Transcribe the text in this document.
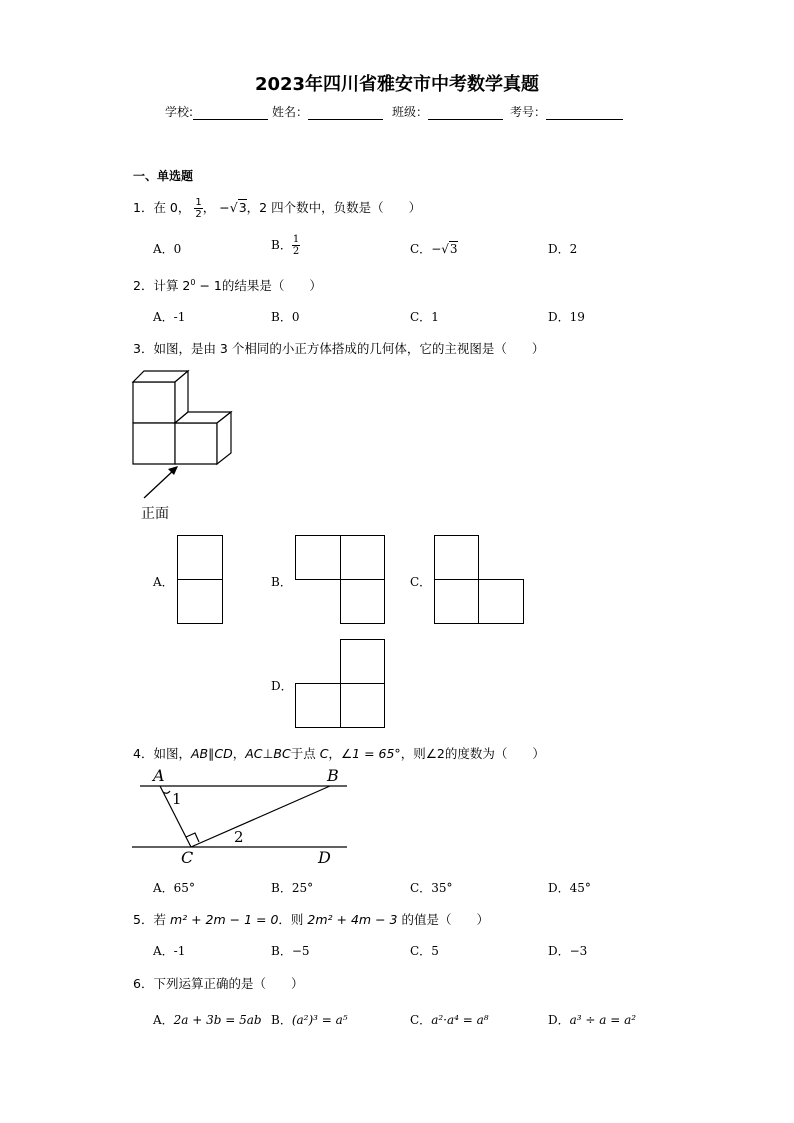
2023年四川省雅安市中考数学真题
学校:	姓名：	班级：	考号：
一、单选题
1．在 0， $\frac{1}{2}$ ， −√3，2 四个数中，负数是（　　）
A．0	B． $\frac{1}{2}$	C．−√3	D．2
2．计算 $2^0 - 1$的结果是（　　）
A．-1	B．0	C．1	D．19
3．如图，是由 3 个相同的小正方体搭成的几何体，它的主视图是（　　）
正面
A．	B．	C．
D．
4．如图，AB∥CD，AC⊥BC于点 C，∠1 = 65°，则∠2的度数为（　　）
A	B
C	D
1
2
A．65°	B．25°	C．35°	D．45°
5．若 m² + 2m − 1 = 0．则 2m² + 4m − 3 的值是（　　）
A．-1	B．−5	C．5	D．−3
6．下列运算正确的是（　　）
A．2a + 3b = 5ab B．(a²)³ = a⁵	C．a²·a⁴ = a⁸	D．a³ ÷ a = a²
